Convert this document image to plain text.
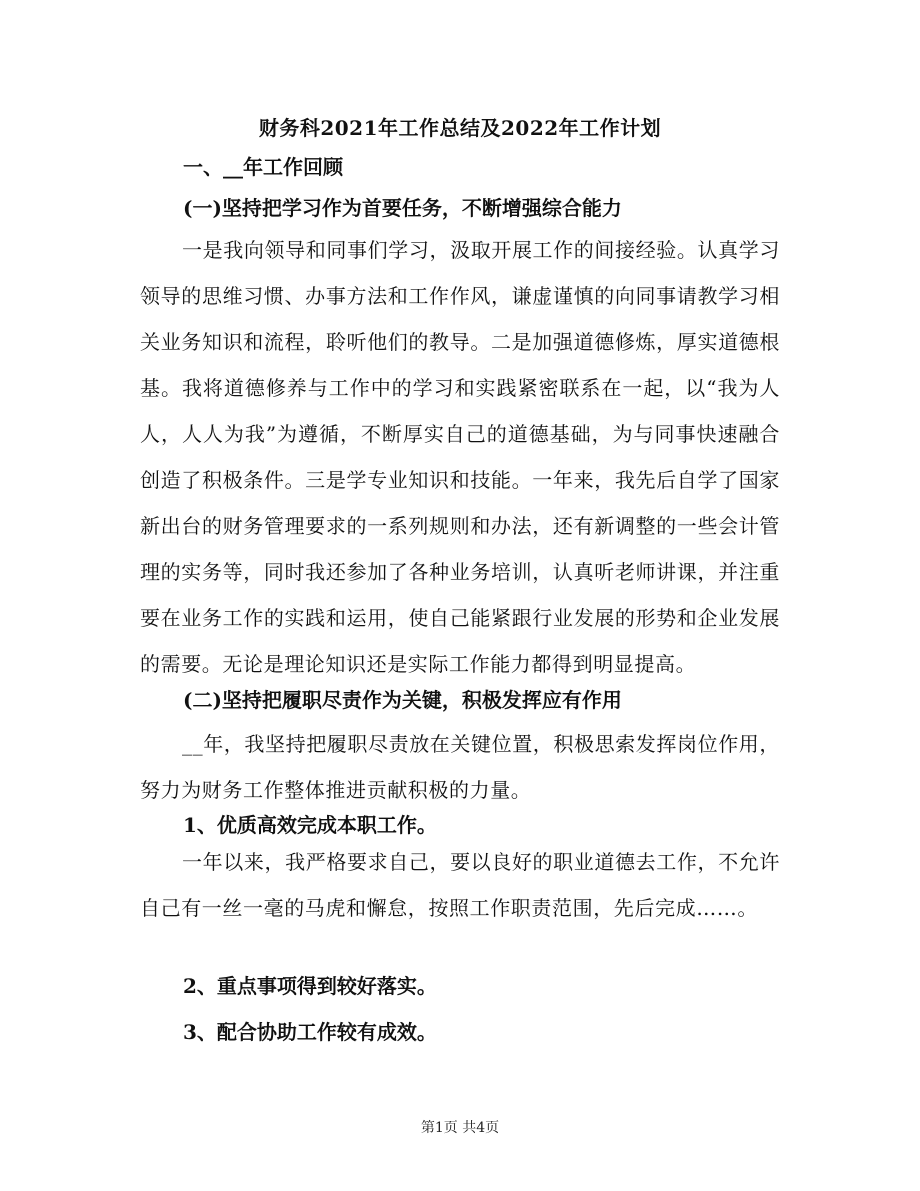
财务科2021年工作总结及2022年工作计划
一、__年工作回顾
(一)坚持把学习作为首要任务，不断增强综合能力
一是我向领导和同事们学习，汲取开展工作的间接经验。认真学习领导的思维习惯、办事方法和工作作风，谦虚谨慎的向同事请教学习相关业务知识和流程，聆听他们的教导。二是加强道德修炼，厚实道德根基。我将道德修养与工作中的学习和实践紧密联系在一起，以“我为人人，人人为我”为遵循，不断厚实自己的道德基础，为与同事快速融合创造了积极条件。三是学专业知识和技能。一年来，我先后自学了国家新出台的财务管理要求的一系列规则和办法，还有新调整的一些会计管理的实务等，同时我还参加了各种业务培训，认真听老师讲课，并注重要在业务工作的实践和运用，使自己能紧跟行业发展的形势和企业发展的需要。无论是理论知识还是实际工作能力都得到明显提高。
(二)坚持把履职尽责作为关键，积极发挥应有作用
__年，我坚持把履职尽责放在关键位置，积极思索发挥岗位作用，努力为财务工作整体推进贡献积极的力量。
1、优质高效完成本职工作。
一年以来，我严格要求自己，要以良好的职业道德去工作，不允许自己有一丝一毫的马虎和懈怠，按照工作职责范围，先后完成……。
2、重点事项得到较好落实。
3、配合协助工作较有成效。
第1页 共4页
